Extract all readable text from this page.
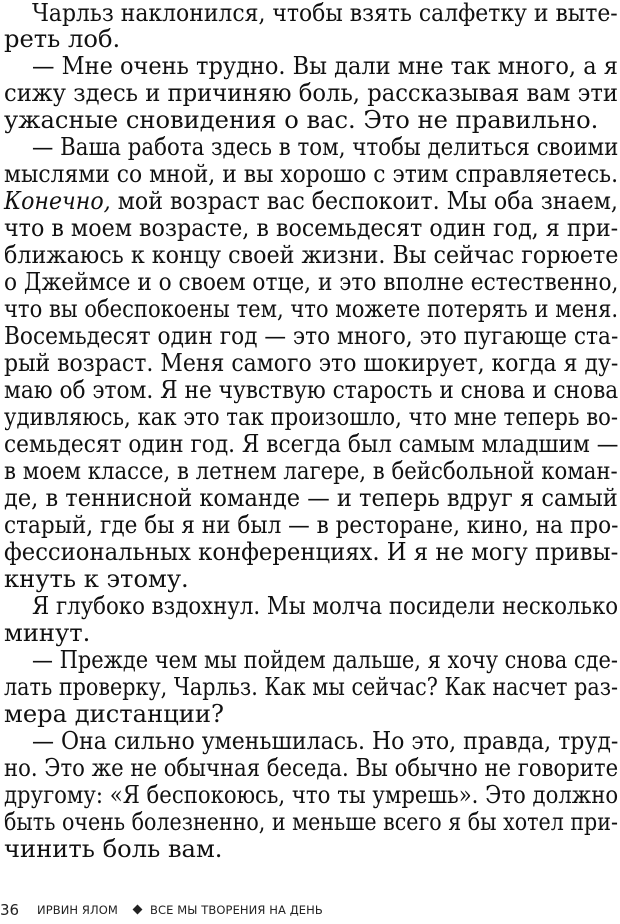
Чарльз наклонился, чтобы взять салфетку и выте-
реть лоб.
— Мне очень трудно. Вы дали мне так много, а я
сижу здесь и причиняю боль, рассказывая вам эти
ужасные сновидения о вас. Это не правильно.
— Ваша работа здесь в том, чтобы делиться своими
мыслями со мной, и вы хорошо с этим справляетесь.
Конечно, мой возраст вас беспокоит. Мы оба знаем,
что в моем возрасте, в восемьдесят один год, я при-
ближаюсь к концу своей жизни. Вы сейчас горюете
о Джеймсе и о своем отце, и это вполне естественно,
что вы обеспокоены тем, что можете потерять и меня.
Восемьдесят один год — это много, это пугающе ста-
рый возраст. Меня самого это шокирует, когда я ду-
маю об этом. Я не чувствую старость и снова и снова
удивляюсь, как это так произошло, что мне теперь во-
семьдесят один год. Я всегда был самым младшим —
в моем классе, в летнем лагере, в бейсбольной коман-
де, в теннисной команде — и теперь вдруг я самый
старый, где бы я ни был — в ресторане, кино, на про-
фессиональных конференциях. И я не могу привы-
кнуть к этому.
Я глубоко вздохнул. Мы молча посидели несколько
минут.
— Прежде чем мы пойдем дальше, я хочу снова сде-
лать проверку, Чарльз. Как мы сейчас? Как насчет раз-
мера дистанции?
— Она сильно уменьшилась. Но это, правда, труд-
но. Это же не обычная беседа. Вы обычно не говорите
другому: «Я беспокоюсь, что ты умрешь». Это должно
быть очень болезненно, и меньше всего я бы хотел при-
чинить боль вам.
36 ИРВИН ЯЛОМ	ВСЕ МЫ ТВОРЕНИЯ НА ДЕНЬ
